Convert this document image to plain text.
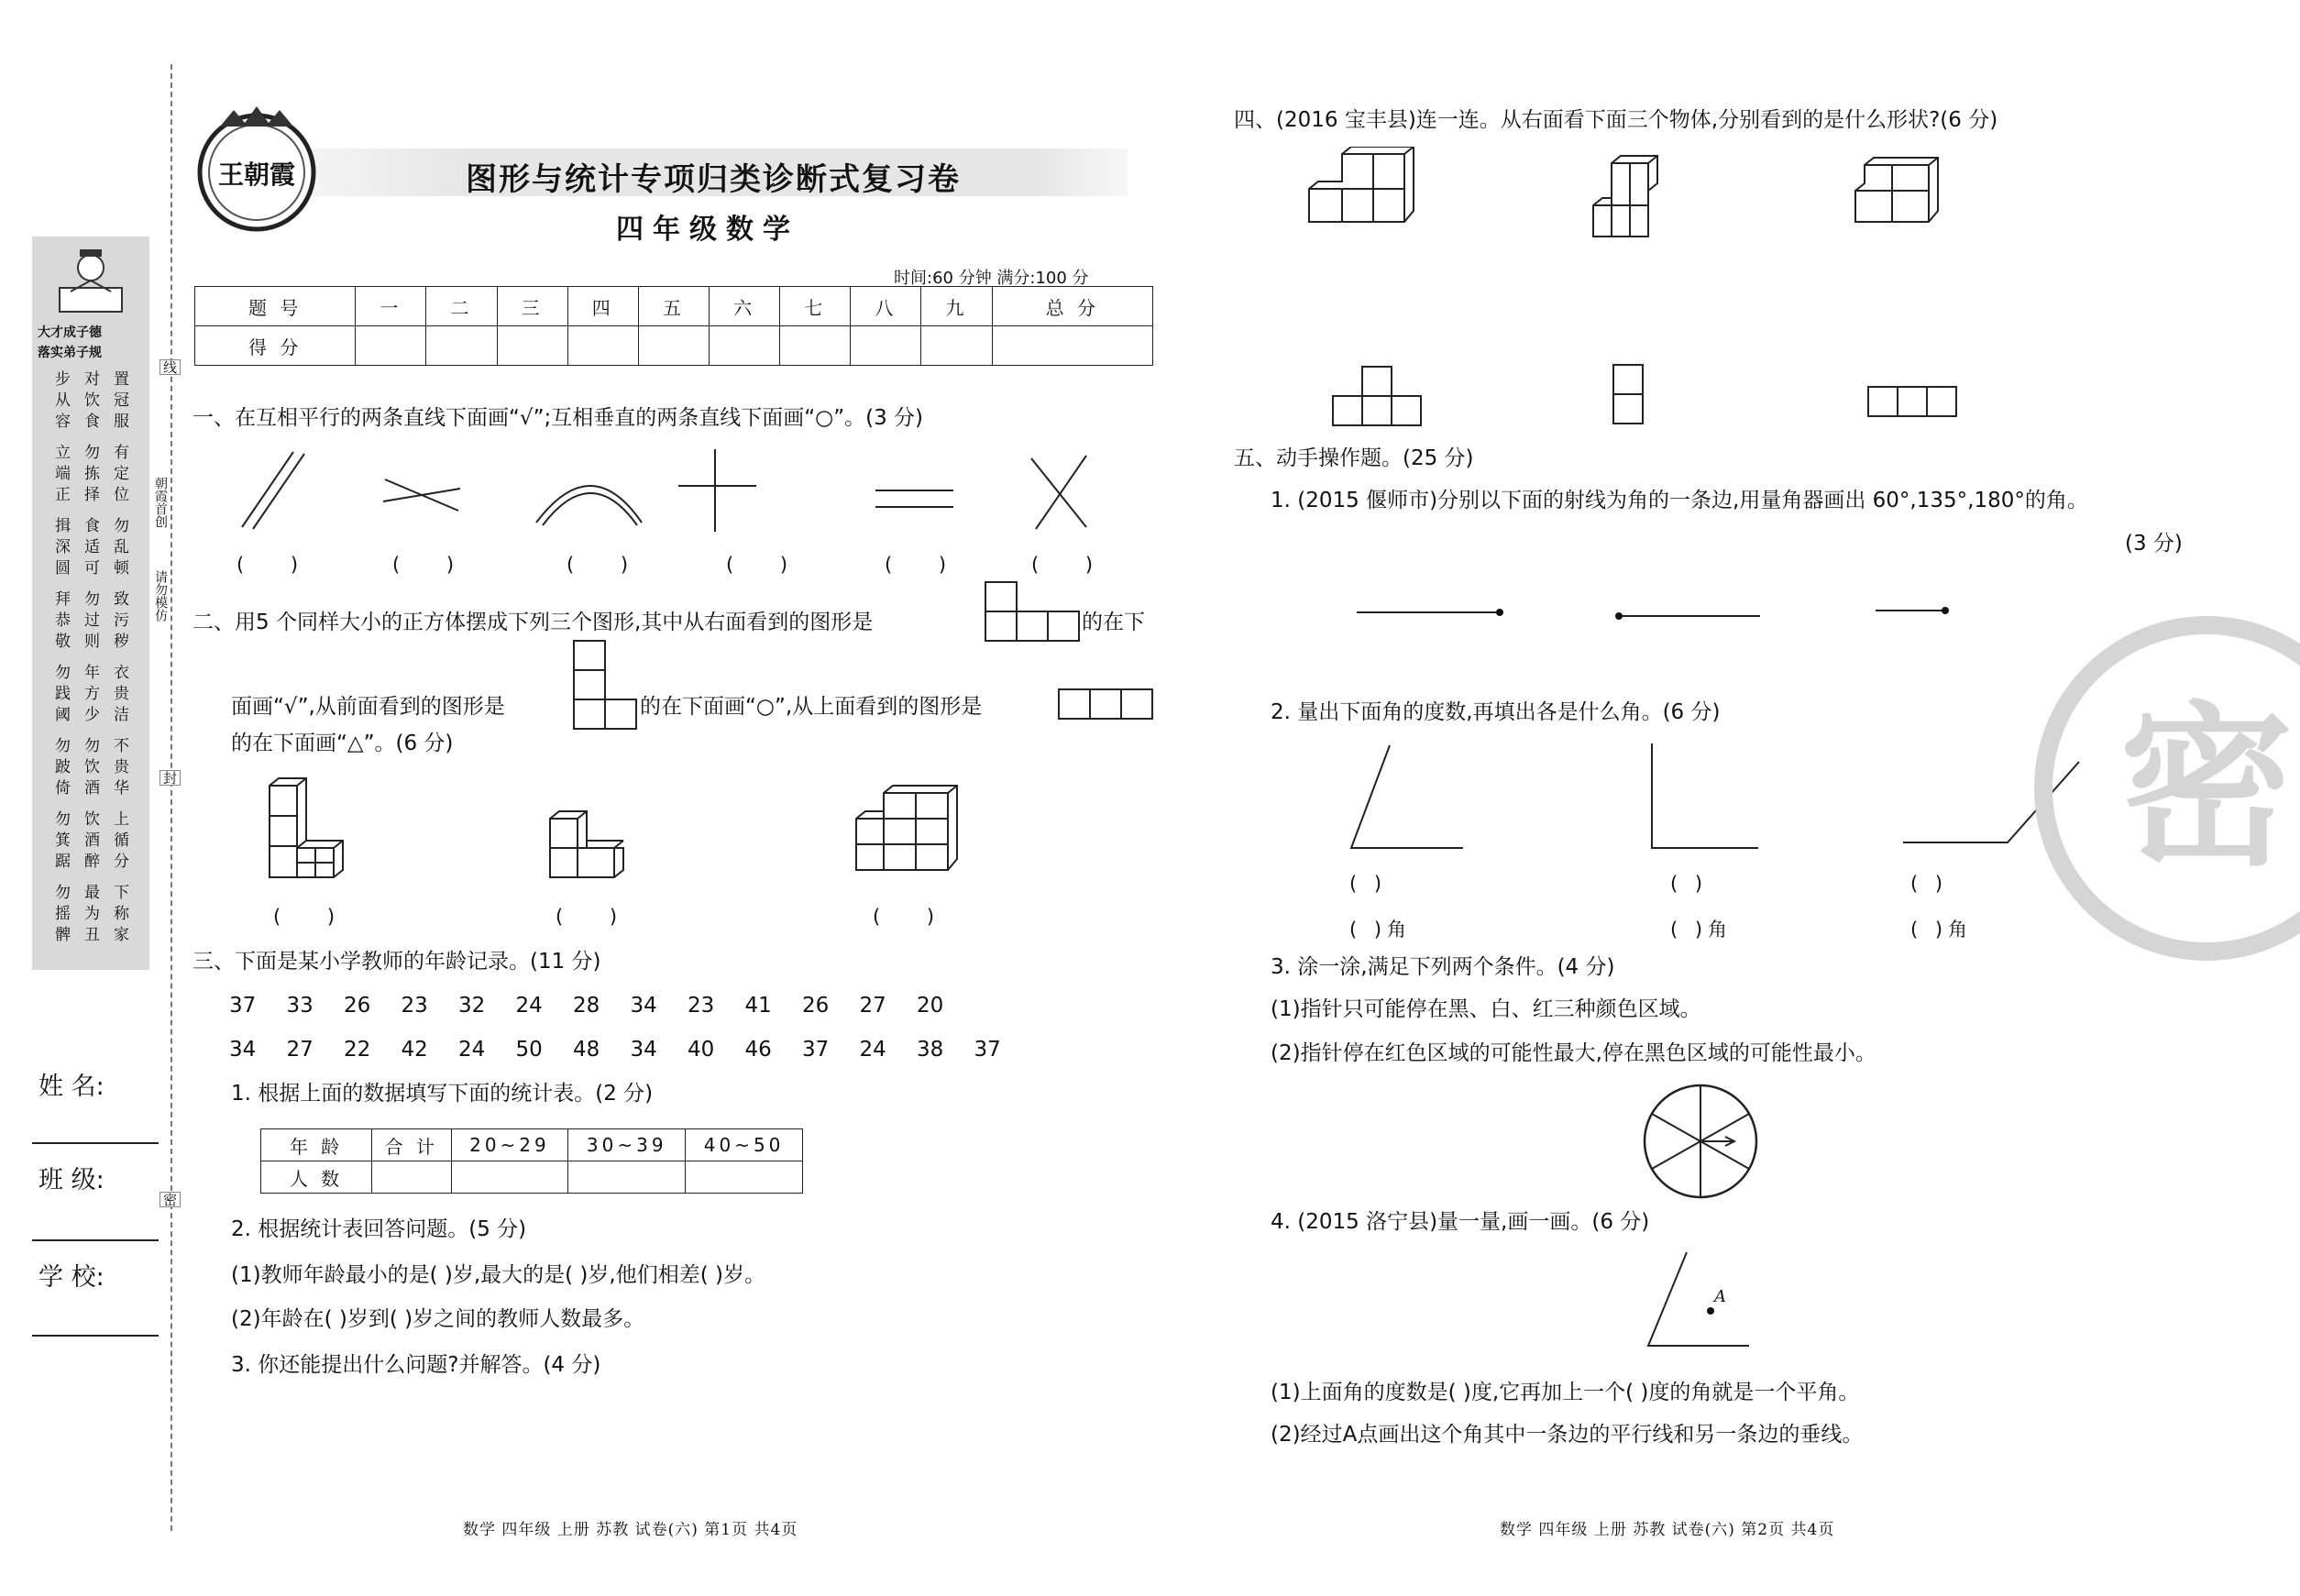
大才成子德
落实弟子规
步从容 对饮食 置冠服
立端正 勿拣择 有定位
揖深圆 食适可 勿乱顿
拜恭敬 勿过则 致污秽
勿践阈 年方少 衣贵洁
勿跛倚 勿饮酒 不贵华
勿箕踞 饮酒醉 上循分
勿摇髀 最为丑 下称家
线
朝霞首创
请勿模仿
封
密
姓 名:
班 级:
学 校:
王朝霞	图形与统计专项归类诊断式复习卷
四年级数学
时间:60 分钟 满分:100 分
题 号	一	二	三	四	五	六	七	八	九	总 分
得 分										
一、在互相平行的两条直线下面画“√”;互相垂直的两条直线下面画“○”。(3 分)
( )	( )	( )	( )	( )	( )
二、用5 个同样大小的正方体摆成下列三个图形,其中从右面看到的图形是	的在下
面画“√”,从前面看到的图形是	的在下面画“○”,从上面看到的图形是
的在下面画“△”。(6 分)
( )	( )	( )
三、下面是某小学教师的年龄记录。(11 分)
37 33 26 23 32 24 28 34 23 41 26 27 20
34 27 22 42 24 50 48 34 40 46 37 24 38 37
1. 根据上面的数据填写下面的统计表。(2 分)
年 龄	合 计	20~29	30~39	40~50
人 数				
2. 根据统计表回答问题。(5 分)
(1)教师年龄最小的是( )岁,最大的是( )岁,他们相差( )岁。
(2)年龄在( )岁到( )岁之间的教师人数最多。
3. 你还能提出什么问题?并解答。(4 分)
数学 四年级 上册 苏教 试卷(六) 第1页 共4页
四、(2016 宝丰县)连一连。从右面看下面三个物体,分别看到的是什么形状?(6 分)
五、动手操作题。(25 分)
1. (2015 偃师市)分别以下面的射线为角的一条边,用量角器画出 60°,135°,180°的角。
(3 分)
2. 量出下面角的度数,再填出各是什么角。(6 分)
( )	( )	( )
( )角	( )角	( )角
3. 涂一涂,满足下列两个条件。(4 分)
(1)指针只可能停在黑、白、红三种颜色区域。
(2)指针停在红色区域的可能性最大,停在黑色区域的可能性最小。
4. (2015 洛宁县)量一量,画一画。(6 分)
A
(1)上面角的度数是( )度,它再加上一个( )度的角就是一个平角。
(2)经过A点画出这个角其中一条边的平行线和另一条边的垂线。
密
数学 四年级 上册 苏教 试卷(六) 第2页 共4页
